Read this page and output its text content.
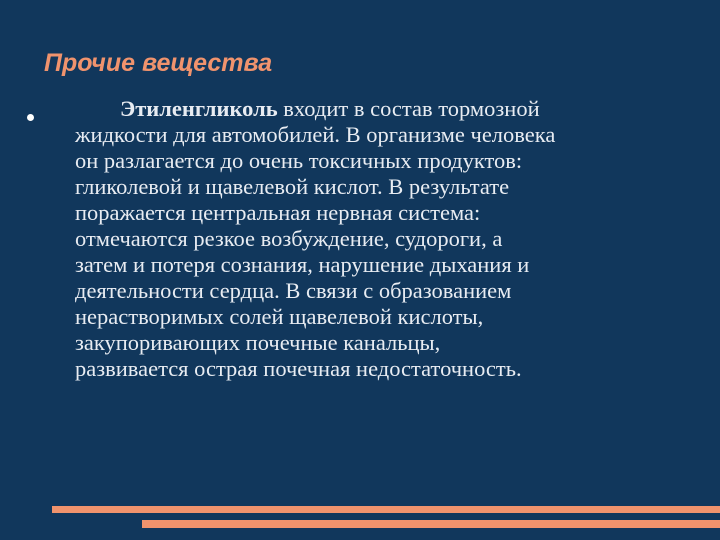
Прочие вещества
Этиленгликоль входит в состав тормозной
жидкости для автомобилей. В организме человека
он разлагается до очень токсичных продуктов:
гликолевой и щавелевой кислот. В результате
поражается центральная нервная система:
отмечаются резкое возбуждение, судороги, а
затем и потеря сознания, нарушение дыхания и
деятельности сердца. В связи с образованием
нерастворимых солей щавелевой кислоты,
закупоривающих почечные канальцы,
развивается острая почечная недостаточность.
